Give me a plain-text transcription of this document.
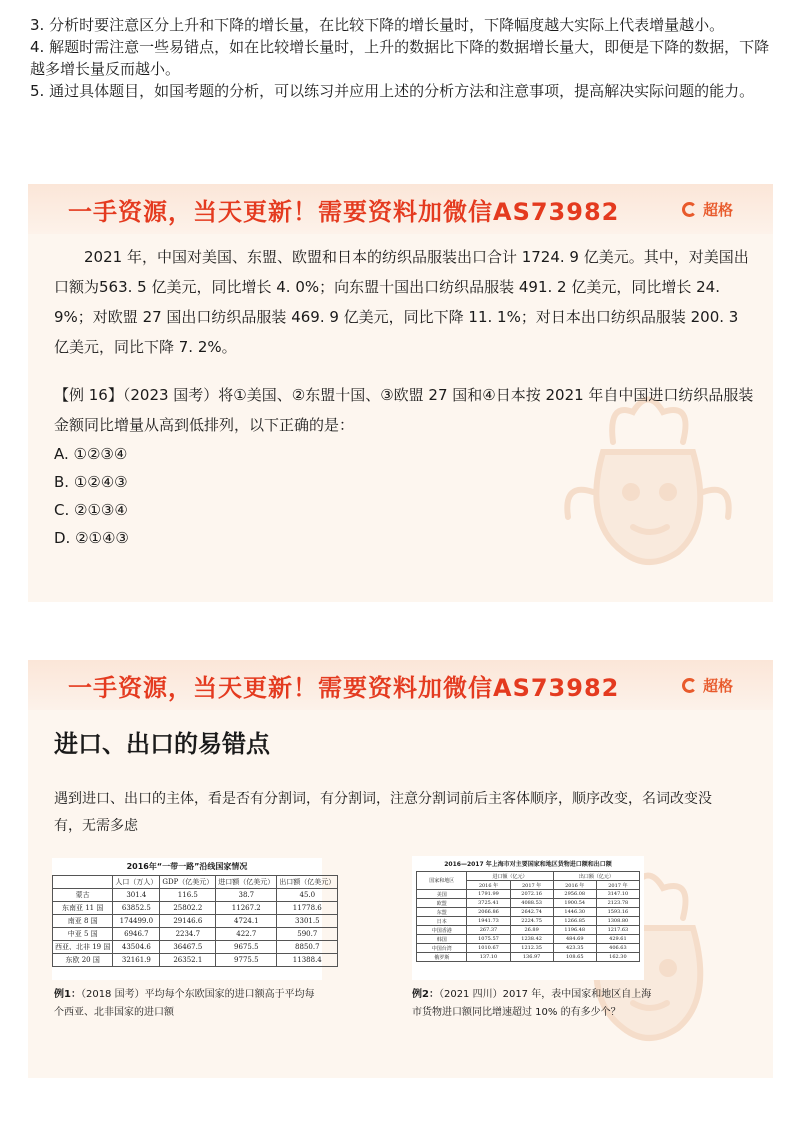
3. 分析时要注意区分上升和下降的增长量，在比较下降的增长量时，下降幅度越大实际上代表增量越小。

4. 解题时需注意一些易错点，如在比较增长量时，上升的数据比下降的数据增长量大，即便是下降的数据，下降越多增长量反而越小。

5. 通过具体题目，如国考题的分析，可以练习并应用上述的分析方法和注意事项，提高解决实际问题的能力。

一手资源，当天更新！需要资料加微信AS73982	超格

2021 年，中国对美国、东盟、欧盟和日本的纺织品服装出口合计 1724. 9 亿美元。其中，对美国出口额为563. 5 亿美元，同比增长 4. 0%；向东盟十国出口纺织品服装 491. 2 亿美元，同比增长 24. 9%；对欧盟 27 国出口纺织品服装 469. 9 亿美元，同比下降 11. 1%；对日本出口纺织品服装 200. 3 亿美元，同比下降 7. 2%。

【例 16】（2023 国考）将①美国、②东盟十国、③欧盟 27 国和④日本按 2021 年自中国进口纺织品服装金额同比增量从高到低排列，以下正确的是：

A. ①②③④

B. ①②④③

C. ②①③④

D. ②①④③

一手资源，当天更新！需要资料加微信AS73982	超格
进口、出口的易错点
遇到进口、出口的主体，看是否有分割词，有分割词，注意分割词前后主客体顺序，顺序改变，名词改变没有，无需多虑
2016年“一带一路”沿线国家情况
	人口（万人）	GDP（亿美元）	进口额（亿美元）	出口额（亿美元）
蒙古	301.4	116.5	38.7	45.0
东南亚 11 国	63852.5	25802.2	11267.2	11778.6
南亚 8 国	174499.0	29146.6	4724.1	3301.5
中亚 5 国	6946.7	2234.7	422.7	590.7
西亚、北非 19 国	43504.6	36467.5	9675.5	8850.7
东欧 20 国	32161.9	26352.1	9775.5	11388.4
2016—2017 年上海市对主要国家和地区货物进口额和出口额
国家和地区	进口额（亿元）		出口额（亿元）	
	2016 年	2017 年	2016 年	2017 年
美国	1791.99	2072.16	2956.08	3147.10
欧盟	3725.41	4088.53	1900.54	2123.78
东盟	2066.86	2642.74	1446.30	1593.16
日本	1941.73	2224.75	1266.85	1308.80
中国香港	267.37	26.89	1196.48	1217.63
韩国	1075.57	1238.42	484.69	429.61
中国台湾	1010.67	1212.35	423.35	406.63
俄罗斯	137.10	136.97	108.65	162.30
例1：（2018 国考）平均每个东欧国家的进口额高于平均每个西亚、北非国家的进口额
例2：（2021 四川）2017 年，表中国家和地区自上海市货物进口额同比增速超过 10% 的有多少个？
